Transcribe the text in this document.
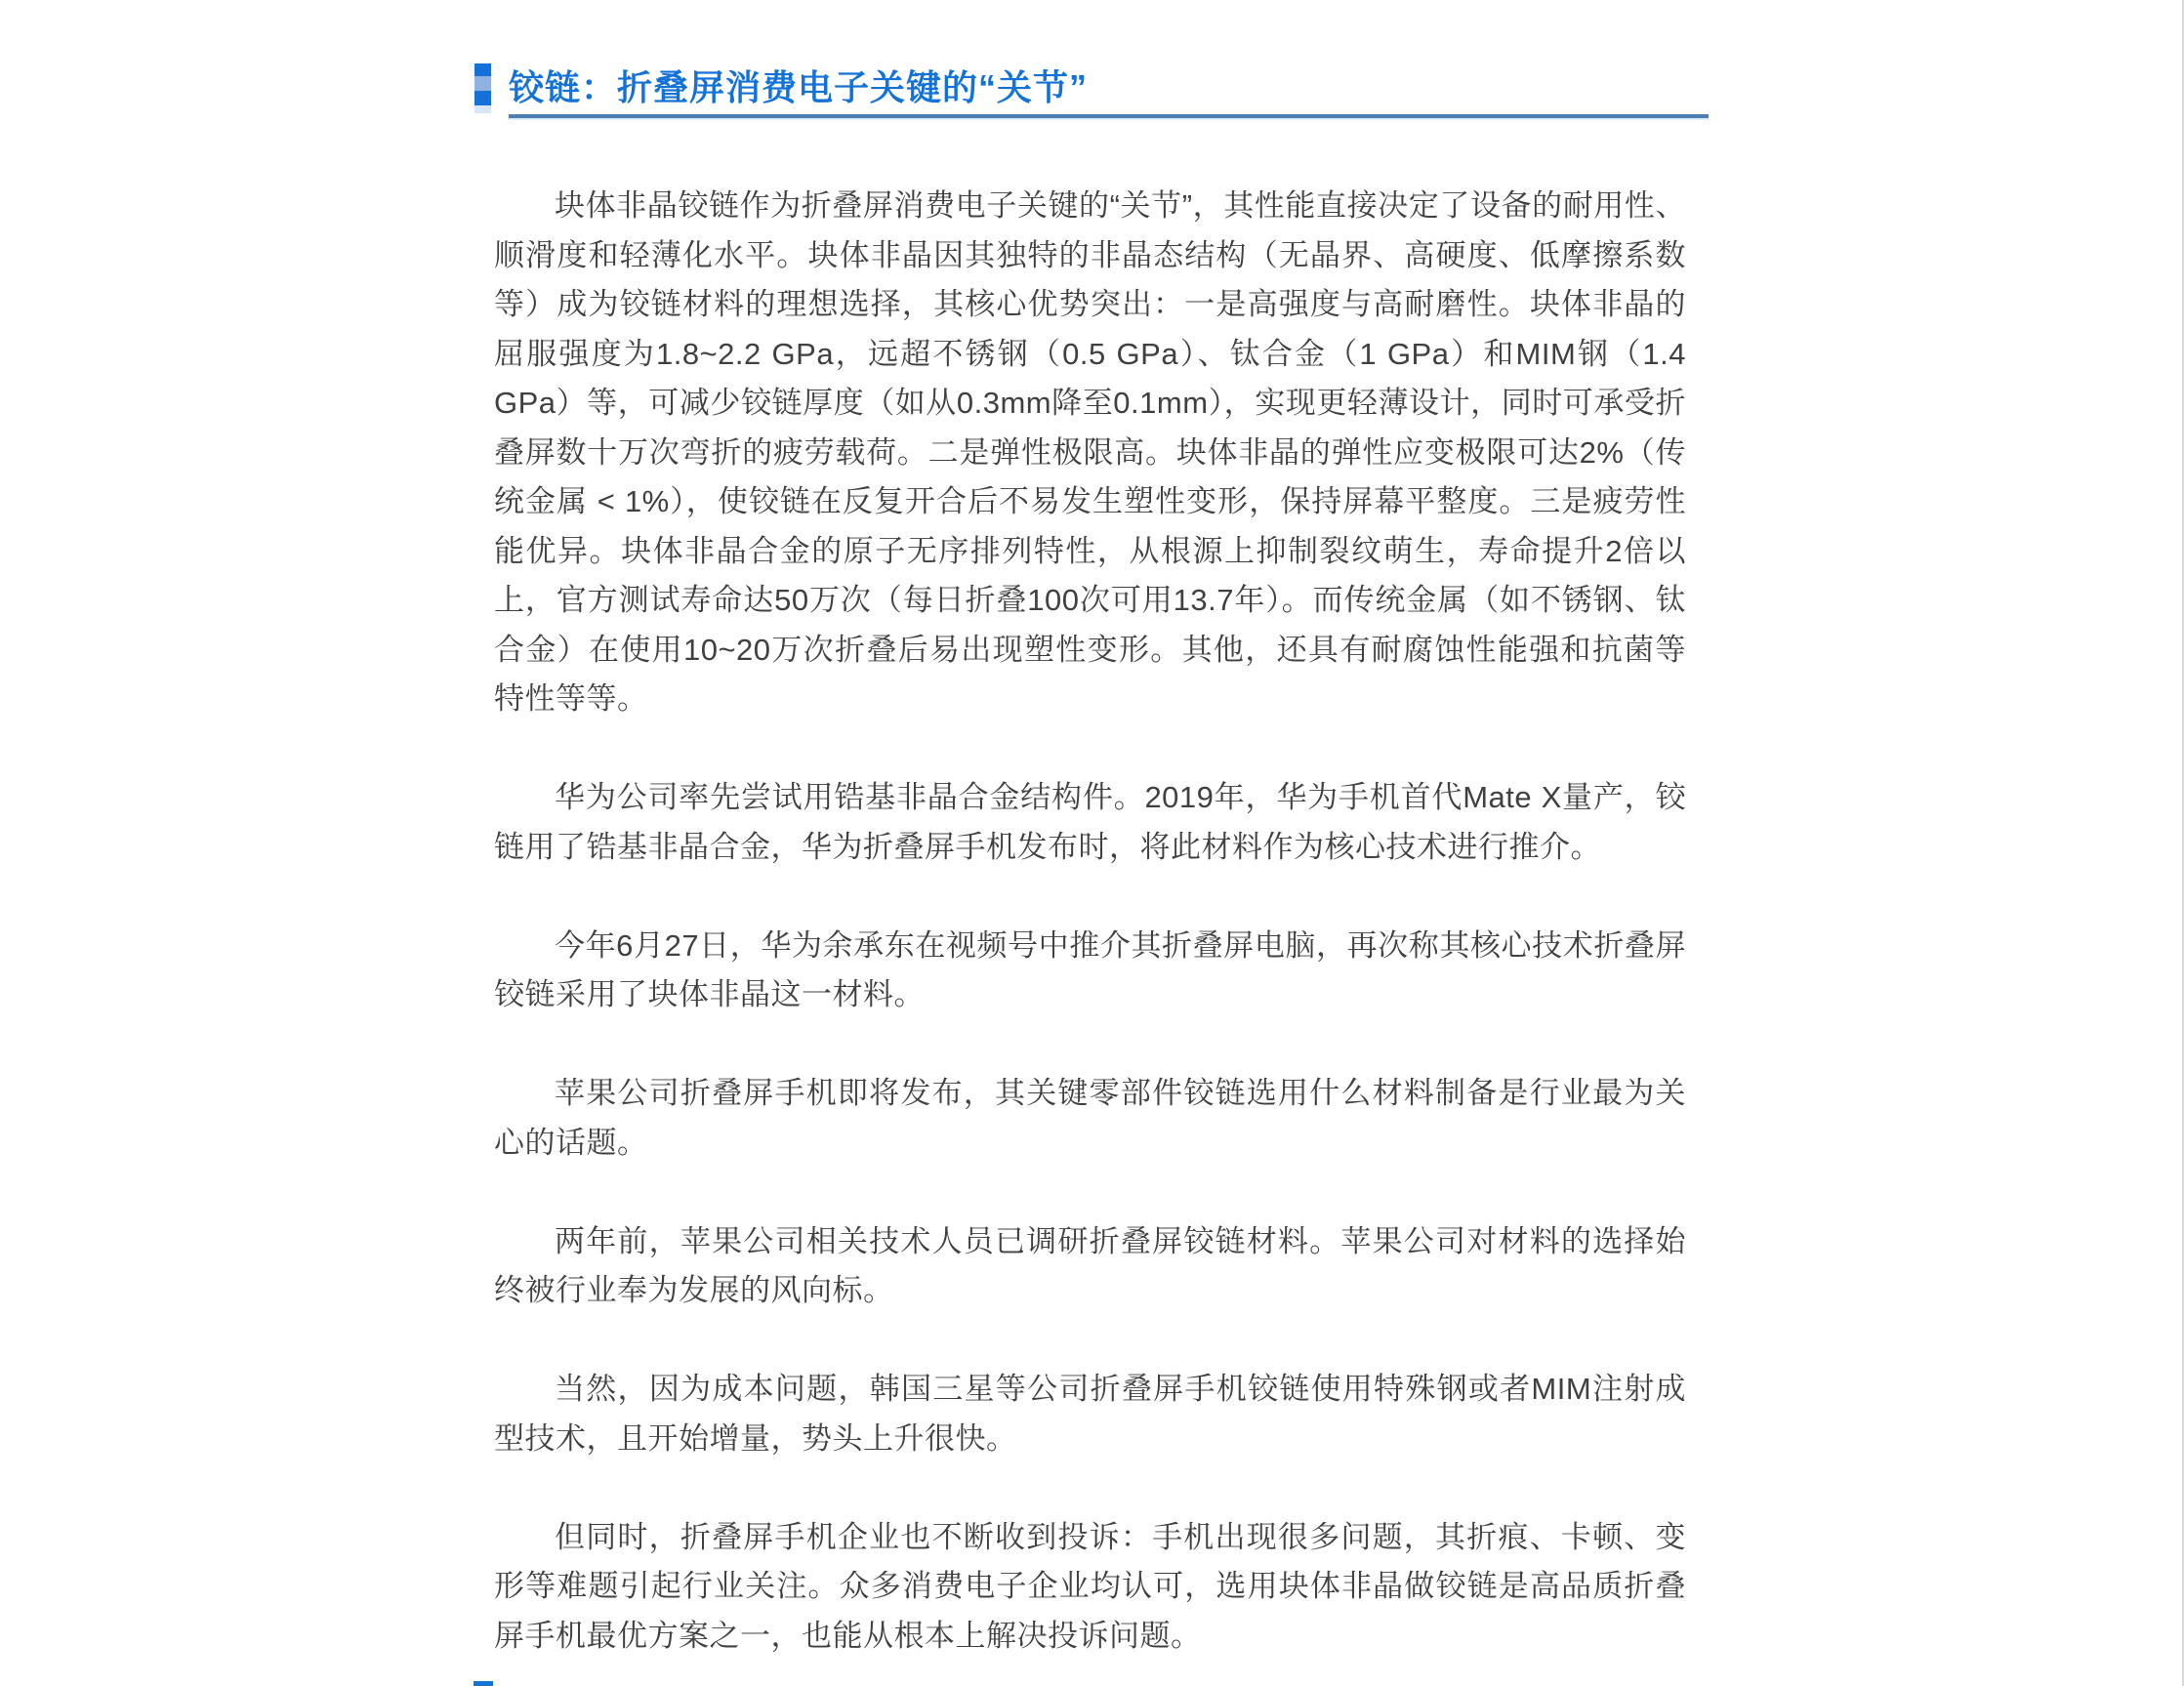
铰链：折叠屏消费电子关键的“关节”

块体非晶铰链作为折叠屏消费电子关键的“关节”，其性能直接决定了设备的耐用性、顺滑度和轻薄化水平。块体非晶因其独特的非晶态结构（无晶界、高硬度、低摩擦系数等）成为铰链材料的理想选择，其核心优势突出：一是高强度与高耐磨性。块体非晶的屈服强度为1.8~2.2 GPa，远超不锈钢（0.5 GPa）、钛合金（1 GPa）和MIM钢（1.4 GPa）等，可减少铰链厚度（如从0.3mm降至0.1mm），实现更轻薄设计，同时可承受折叠屏数十万次弯折的疲劳载荷。二是弹性极限高。块体非晶的弹性应变极限可达2%（传统金属 < 1%），使铰链在反复开合后不易发生塑性变形，保持屏幕平整度。三是疲劳性能优异。块体非晶合金的原子无序排列特性，从根源上抑制裂纹萌生，寿命提升2倍以上，官方测试寿命达50万次（每日折叠100次可用13.7年）。而传统金属（如不锈钢、钛合金）在使用10~20万次折叠后易出现塑性变形。其他，还具有耐腐蚀性能强和抗菌等特性等等。

华为公司率先尝试用锆基非晶合金结构件。2019年，华为手机首代Mate X量产，铰链用了锆基非晶合金，华为折叠屏手机发布时，将此材料作为核心技术进行推介。

今年6月27日，华为余承东在视频号中推介其折叠屏电脑，再次称其核心技术折叠屏铰链采用了块体非晶这一材料。

苹果公司折叠屏手机即将发布，其关键零部件铰链选用什么材料制备是行业最为关心的话题。

两年前，苹果公司相关技术人员已调研折叠屏铰链材料。苹果公司对材料的选择始终被行业奉为发展的风向标。

当然，因为成本问题，韩国三星等公司折叠屏手机铰链使用特殊钢或者MIM注射成型技术，且开始增量，势头上升很快。

但同时，折叠屏手机企业也不断收到投诉：手机出现很多问题，其折痕、卡顿、变形等难题引起行业关注。众多消费电子企业均认可，选用块体非晶做铰链是高品质折叠屏手机最优方案之一，也能从根本上解决投诉问题。
